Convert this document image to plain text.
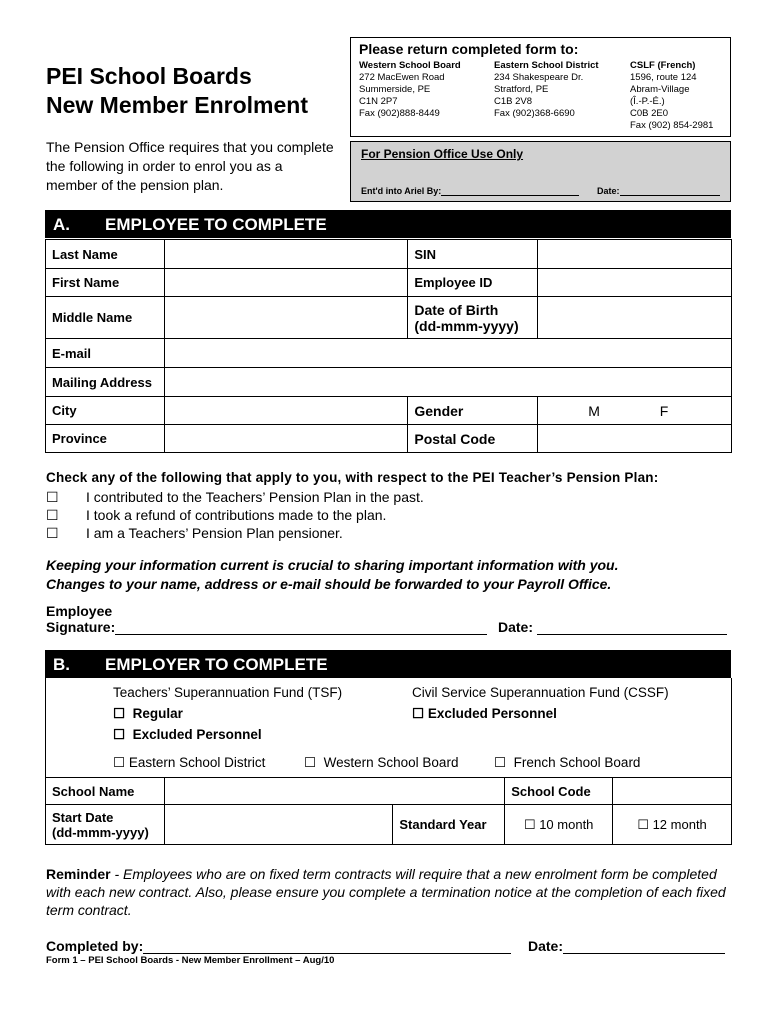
PEI School Boards
New Member Enrolment
The Pension Office requires that you complete the following in order to enrol you as a member of the pension plan.
Please return completed form to:
Western School Board
272 MacEwen Road
Summerside, PE
C1N 2P7
Fax (902)888-8449
Eastern School District
234 Shakespeare Dr.
Stratford, PE
C1B 2V8
Fax (902)368-6690
CSLF (French)
1596, route 124
Abram-Village
(Î.-P.-É.)
C0B 2E0
Fax (902) 854-2981
For Pension Office Use Only
Ent'd into Ariel By:	Date:
A. EMPLOYEE TO COMPLETE
Last Name		SIN	
First Name		Employee ID	
Middle Name		Date of Birth
(dd-mmm-yyyy)	

E-mail			
Mailing Address			
City		Gender	M F
Province		Postal Code	
Check any of the following that apply to you, with respect to the PEI Teacher’s Pension Plan:
☐ I contributed to the Teachers’ Pension Plan in the past.
☐ I took a refund of contributions made to the plan.
☐ I am a Teachers’ Pension Plan pensioner.
Keeping your information current is crucial to sharing important information with you.
Changes to your name, address or e-mail should be forwarded to your Payroll Office.
Employee
Signature:	Date:
B. EMPLOYER TO COMPLETE
Teachers’ Superannuation Fund (TSF)	Civil Service Superannuation Fund (CSSF)
☐ Regular	☐ Excluded Personnel
☐ Excluded Personnel
☐ Eastern School District	☐ Western School Board	☐ French School Board
School Name			School Code	

Start Date
(dd-mmm-yyyy)		Standard Year	☐ 10 month	☐ 12 month
Reminder - Employees who are on fixed term contracts will require that a new enrolment form be completed with each new contract. Also, please ensure you complete a termination notice at the completion of each fixed term contract.
Completed by:	Date:
Form 1 – PEI School Boards - New Member Enrollment – Aug/10
